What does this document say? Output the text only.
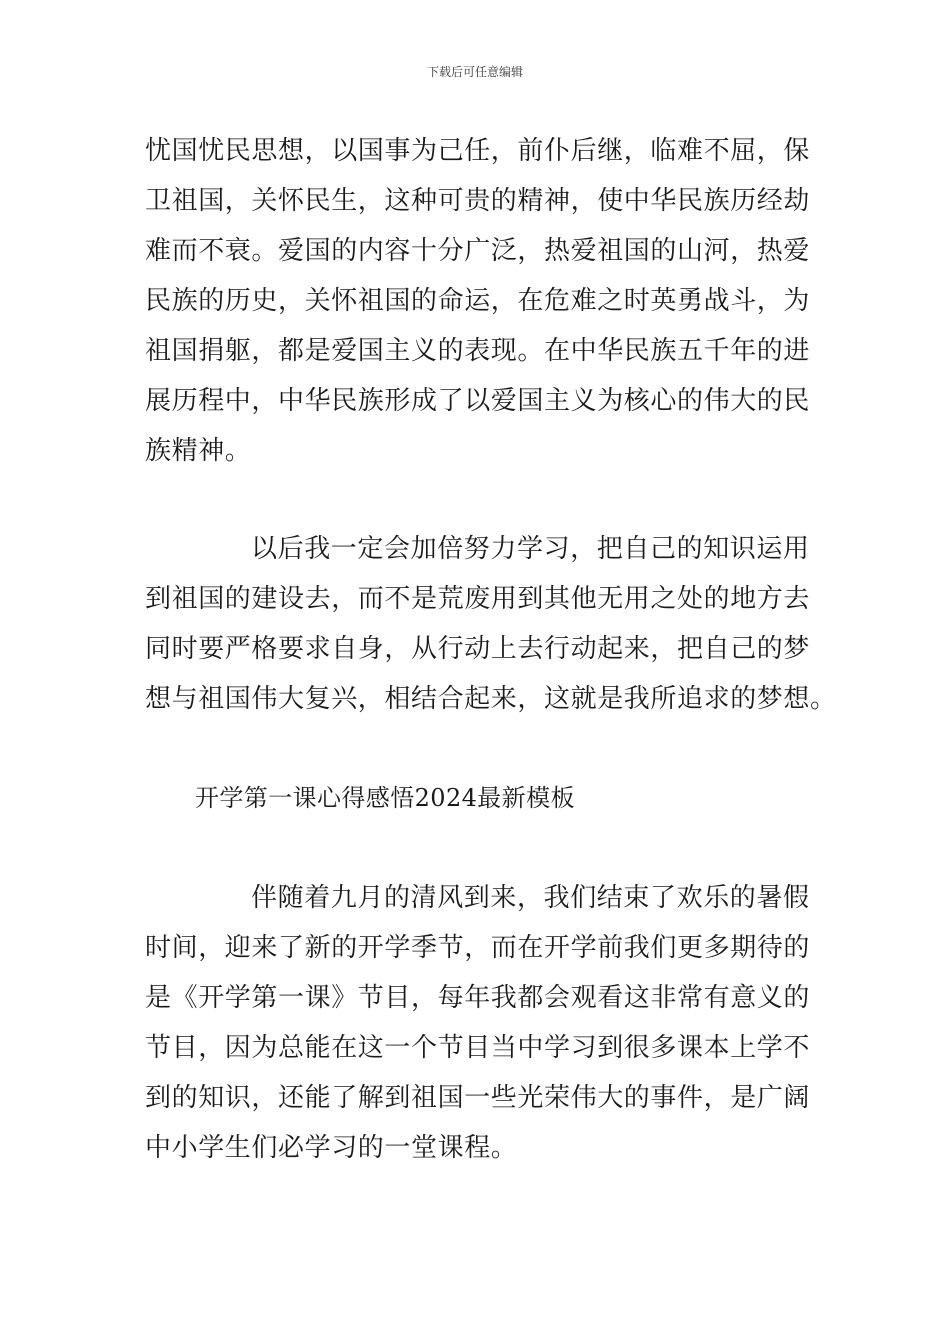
下载后可任意编辑

忧国忧民思想，以国事为己任，前仆后继，临难不屈，保
卫祖国，关怀民生，这种可贵的精神，使中华民族历经劫
难而不衰。爱国的内容十分广泛，热爱祖国的山河，热爱
民族的历史，关怀祖国的命运，在危难之时英勇战斗，为
祖国捐躯，都是爱国主义的表现。在中华民族五千年的进
展历程中，中华民族形成了以爱国主义为核心的伟大的民
族精神。

以后我一定会加倍努力学习，把自己的知识运用
到祖国的建设去，而不是荒废用到其他无用之处的地方去
同时要严格要求自身，从行动上去行动起来，把自己的梦
想与祖国伟大复兴，相结合起来，这就是我所追求的梦想。

开学第一课心得感悟2024最新模板

伴随着九月的清风到来，我们结束了欢乐的暑假
时间，迎来了新的开学季节，而在开学前我们更多期待的
是《开学第一课》节目，每年我都会观看这非常有意义的
节目，因为总能在这一个节目当中学习到很多课本上学不
到的知识，还能了解到祖国一些光荣伟大的事件，是广阔
中小学生们必学习的一堂课程。
